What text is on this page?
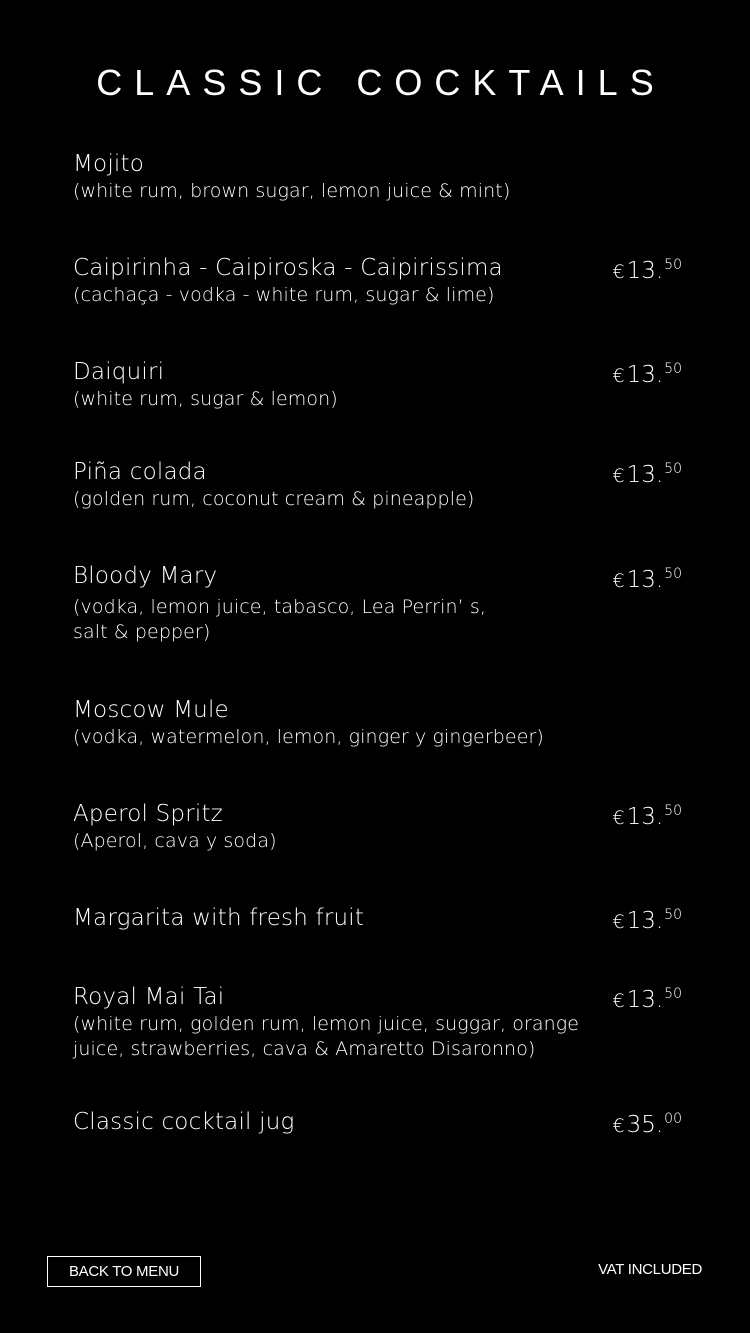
CLASSIC COCKTAILS
Mojito
(white rum, brown sugar, lemon juice & mint)
Caipirinha - Caipiroska - Caipirissima
(cachaça - vodka - white rum, sugar & lime)
€13.50
Daiquiri
(white rum, sugar & lemon)
€13.50
Piña colada
(golden rum, coconut cream & pineapple)
€13.50
Bloody Mary
(vodka, lemon juice, tabasco, Lea Perrin’ s,
salt & pepper)
€13.50
Moscow Mule
(vodka, watermelon, lemon, ginger y gingerbeer)
Aperol Spritz
(Aperol, cava y soda)
€13.50
Margarita with fresh fruit	€13.50
Royal Mai Tai
(white rum, golden rum, lemon juice, suggar, orange
juice, strawberries, cava & Amaretto Disaronno)
€13.50
Classic cocktail jug	€35.00
BACK TO MENU	VAT INCLUDED
